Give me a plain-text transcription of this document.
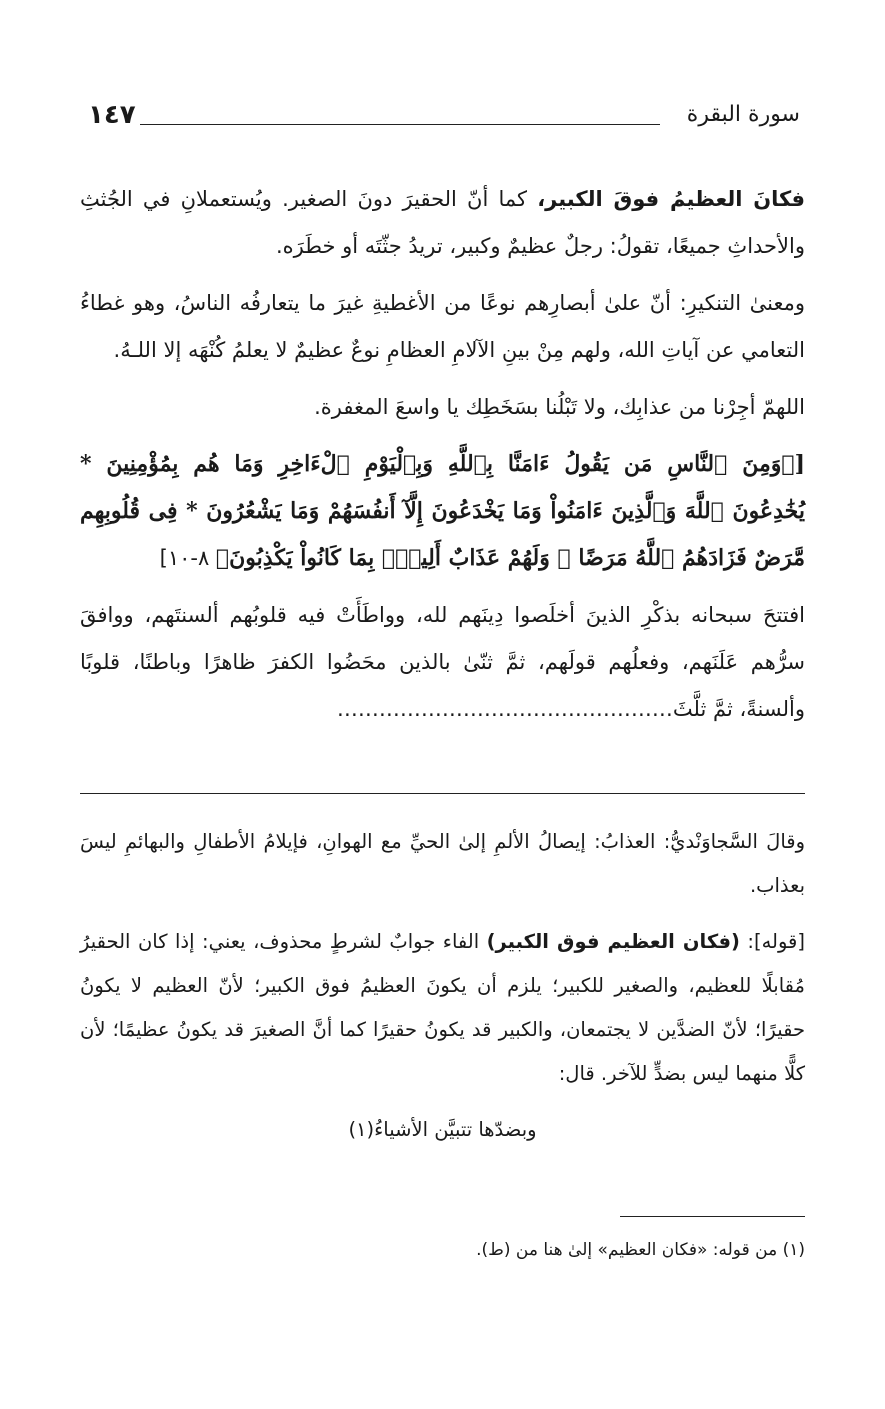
١٤٧	سورة البقرة

فكانَ العظيمُ فوقَ الكبير، كما أنّ الحقيرَ دونَ الصغير. ويُستعملانِ في الجُثثِ والأحداثِ جميعًا، تقولُ: رجلٌ عظيمٌ وكبير، تريدُ جثّتَه أو خطَرَه.

ومعنىٰ التنكيرِ: أنّ علىٰ أبصارِهم نوعًا من الأغطيةِ غيرَ ما يتعارفُه الناسُ، وهو غطاءُ التعامي عن آياتِ الله، ولهم مِنْ بينِ الآلامِ العظامِ نوعٌ عظيمٌ لا يعلمُ كُنْهَه إلا اللـهُ.

اللهمّ أجِرْنا من عذابِك، ولا تَبْلُنا بسَخَطِك يا واسعَ المغفرة.

[﴿وَمِنَ ٱلنَّاسِ مَن يَقُولُ ءَامَنَّا بِٱللَّهِ وَبِٱلْيَوْمِ ٱلْءَاخِرِ وَمَا هُم بِمُؤْمِنِينَ * يُخَٰدِعُونَ ٱللَّهَ وَٱلَّذِينَ ءَامَنُواْ وَمَا يَخْدَعُونَ إِلَّآ أَنفُسَهُمْ وَمَا يَشْعُرُونَ * فِى قُلُوبِهِم مَّرَضٌ فَزَادَهُمُ ٱللَّهُ مَرَضًا ۖ وَلَهُمْ عَذَابٌ أَلِيمٌۢ بِمَا كَانُواْ يَكْذِبُونَ﴾ ٨-١٠]

افتتحَ سبحانه بذكْرِ الذينَ أخلَصوا دِينَهم لله، وواطَأَتْ فيه قلوبُهم ألسنتَهم، ووافقَ سرُّهم عَلَنَهم، وفعلُهم قولَهم، ثمَّ ثنّىٰ بالذين محَضُوا الكفرَ ظاهرًا وباطنًا، قلوبًا وألسنةً، ثمَّ ثلَّثَ…………………………………………

وقالَ السَّجاوَنْديُّ: العذابُ: إيصالُ الألمِ إلىٰ الحيِّ مع الهوانِ، فإيلامُ الأطفالِ والبهائمِ ليسَ بعذاب.

[قوله]: (فكان العظيم فوق الكبير) الفاء جوابٌ لشرطٍ محذوف، يعني: إذا كان الحقيرُ مُقابلًا للعظيم، والصغير للكبير؛ يلزم أن يكونَ العظيمُ فوق الكبير؛ لأنّ العظيم لا يكونُ حقيرًا؛ لأنّ الضدَّين لا يجتمعان، والكبير قد يكونُ حقيرًا كما أنَّ الصغيرَ قد يكونُ عظيمًا؛ لأن كلًّا منهما ليس بضدٍّ للآخر. قال:

وبضدّها تتبيَّن الأشياءُ(١)

(١) من قوله: «فكان العظيم» إلىٰ هنا من (ط).
